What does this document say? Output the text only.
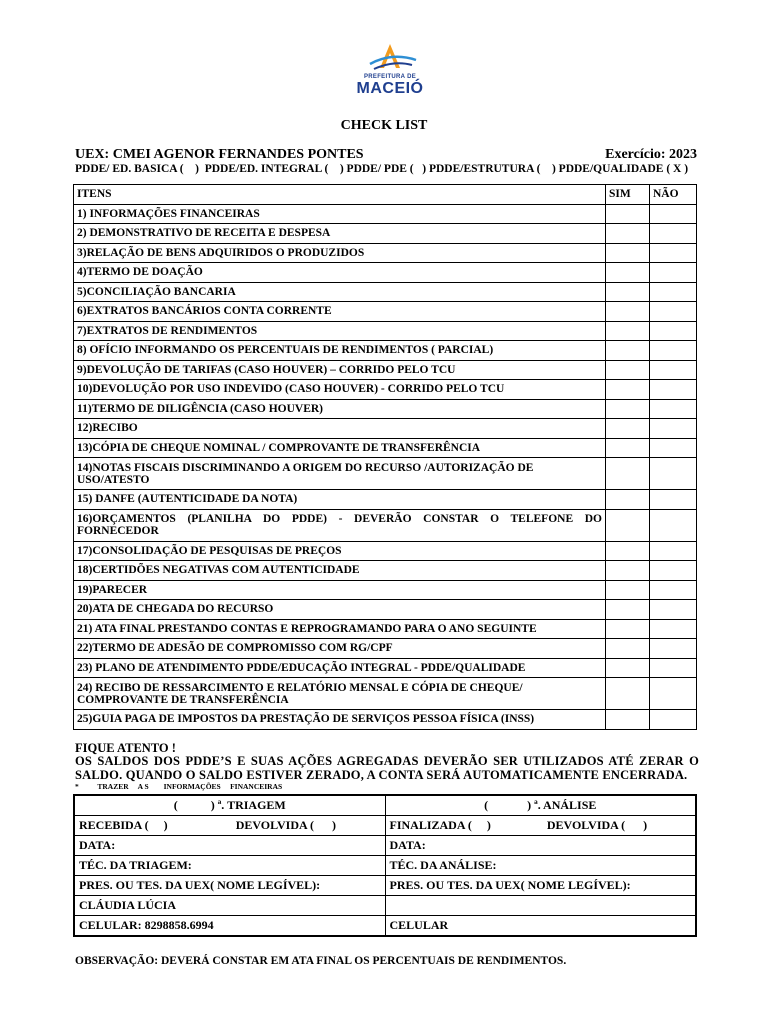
PREFEITURA DE
MACEIÓ
CHECK LIST
UEX: CMEI AGENOR FERNANDES PONTES	Exercício: 2023
PDDE/ ED. BASICA (    )  PDDE/ED. INTEGRAL (    ) PDDE/ PDE (   ) PDDE/ESTRUTURA (    ) PDDE/QUALIDADE ( X )
ITENS	SIM	NÃO
1) INFORMAÇÕES FINANCEIRAS		
2) DEMONSTRATIVO DE RECEITA E DESPESA		
3)RELAÇÃO DE BENS ADQUIRIDOS O PRODUZIDOS		
4)TERMO DE DOAÇÃO		
5)CONCILIAÇÃO BANCARIA		
6)EXTRATOS BANCÁRIOS CONTA CORRENTE		
7)EXTRATOS DE RENDIMENTOS		
8) OFÍCIO INFORMANDO OS PERCENTUAIS DE RENDIMENTOS ( PARCIAL)		
9)DEVOLUÇÃO DE TARIFAS (CASO HOUVER) – CORRIDO PELO TCU		
10)DEVOLUÇÃO POR USO INDEVIDO (CASO HOUVER) - CORRIDO PELO TCU		
11)TERMO DE DILIGÊNCIA (CASO HOUVER)		
12)RECIBO		
13)CÓPIA DE CHEQUE NOMINAL / COMPROVANTE DE TRANSFERÊNCIA		
14)NOTAS FISCAIS DISCRIMINANDO A ORIGEM DO RECURSO /AUTORIZAÇÃO DE USO/ATESTO		
15) DANFE (AUTENTICIDADE DA NOTA)		
16)ORÇAMENTOS (PLANILHA DO PDDE) - DEVERÃO CONSTAR O TELEFONE DO FORNECEDOR		
17)CONSOLIDAÇÃO DE PESQUISAS DE PREÇOS		
18)CERTIDÕES NEGATIVAS COM AUTENTICIDADE		
19)PARECER		
20)ATA DE CHEGADA DO RECURSO		
21) ATA FINAL PRESTANDO CONTAS E REPROGRAMANDO PARA O ANO SEGUINTE		
22)TERMO DE ADESÃO DE COMPROMISSO COM RG/CPF		
23) PLANO DE ATENDIMENTO PDDE/EDUCAÇÃO INTEGRAL - PDDE/QUALIDADE		
24) RECIBO DE RESSARCIMENTO E RELATÓRIO MENSAL E CÓPIA DE CHEQUE/ COMPROVANTE DE TRANSFERÊNCIA		
25)GUIA PAGA DE IMPOSTOS DA PRESTAÇÃO DE SERVIÇOS PESSOA FÍSICA (INSS)		
FIQUE ATENTO !
OS SALDOS DOS PDDE’S E SUAS AÇÕES AGREGADAS DEVERÃO SER UTILIZADOS ATÉ ZERAR O SALDO. QUANDO O SALDO ESTIVER ZERADO, A CONTA SERÁ AUTOMATICAMENTE ENCERRADA.
*          TRAZER     A S        INFORMAÇÕES     FINANCEIRAS
(           ) ª. TRIAGEM	(             ) ª. ANÁLISE
RECEBIDA (     ) DEVOLVIDA (      )	FINALIZADA (     ) DEVOLVIDA (      )
DATA:	DATA:
TÉC. DA TRIAGEM:	TÉC. DA ANÁLISE:
PRES. OU TES. DA UEX( NOME LEGÍVEL):	PRES. OU TES. DA UEX( NOME LEGÍVEL):
CLÁUDIA LÚCIA	
CELULAR: 8298858.6994	CELULAR
OBSERVAÇÃO: DEVERÁ CONSTAR EM ATA FINAL OS PERCENTUAIS DE RENDIMENTOS.
